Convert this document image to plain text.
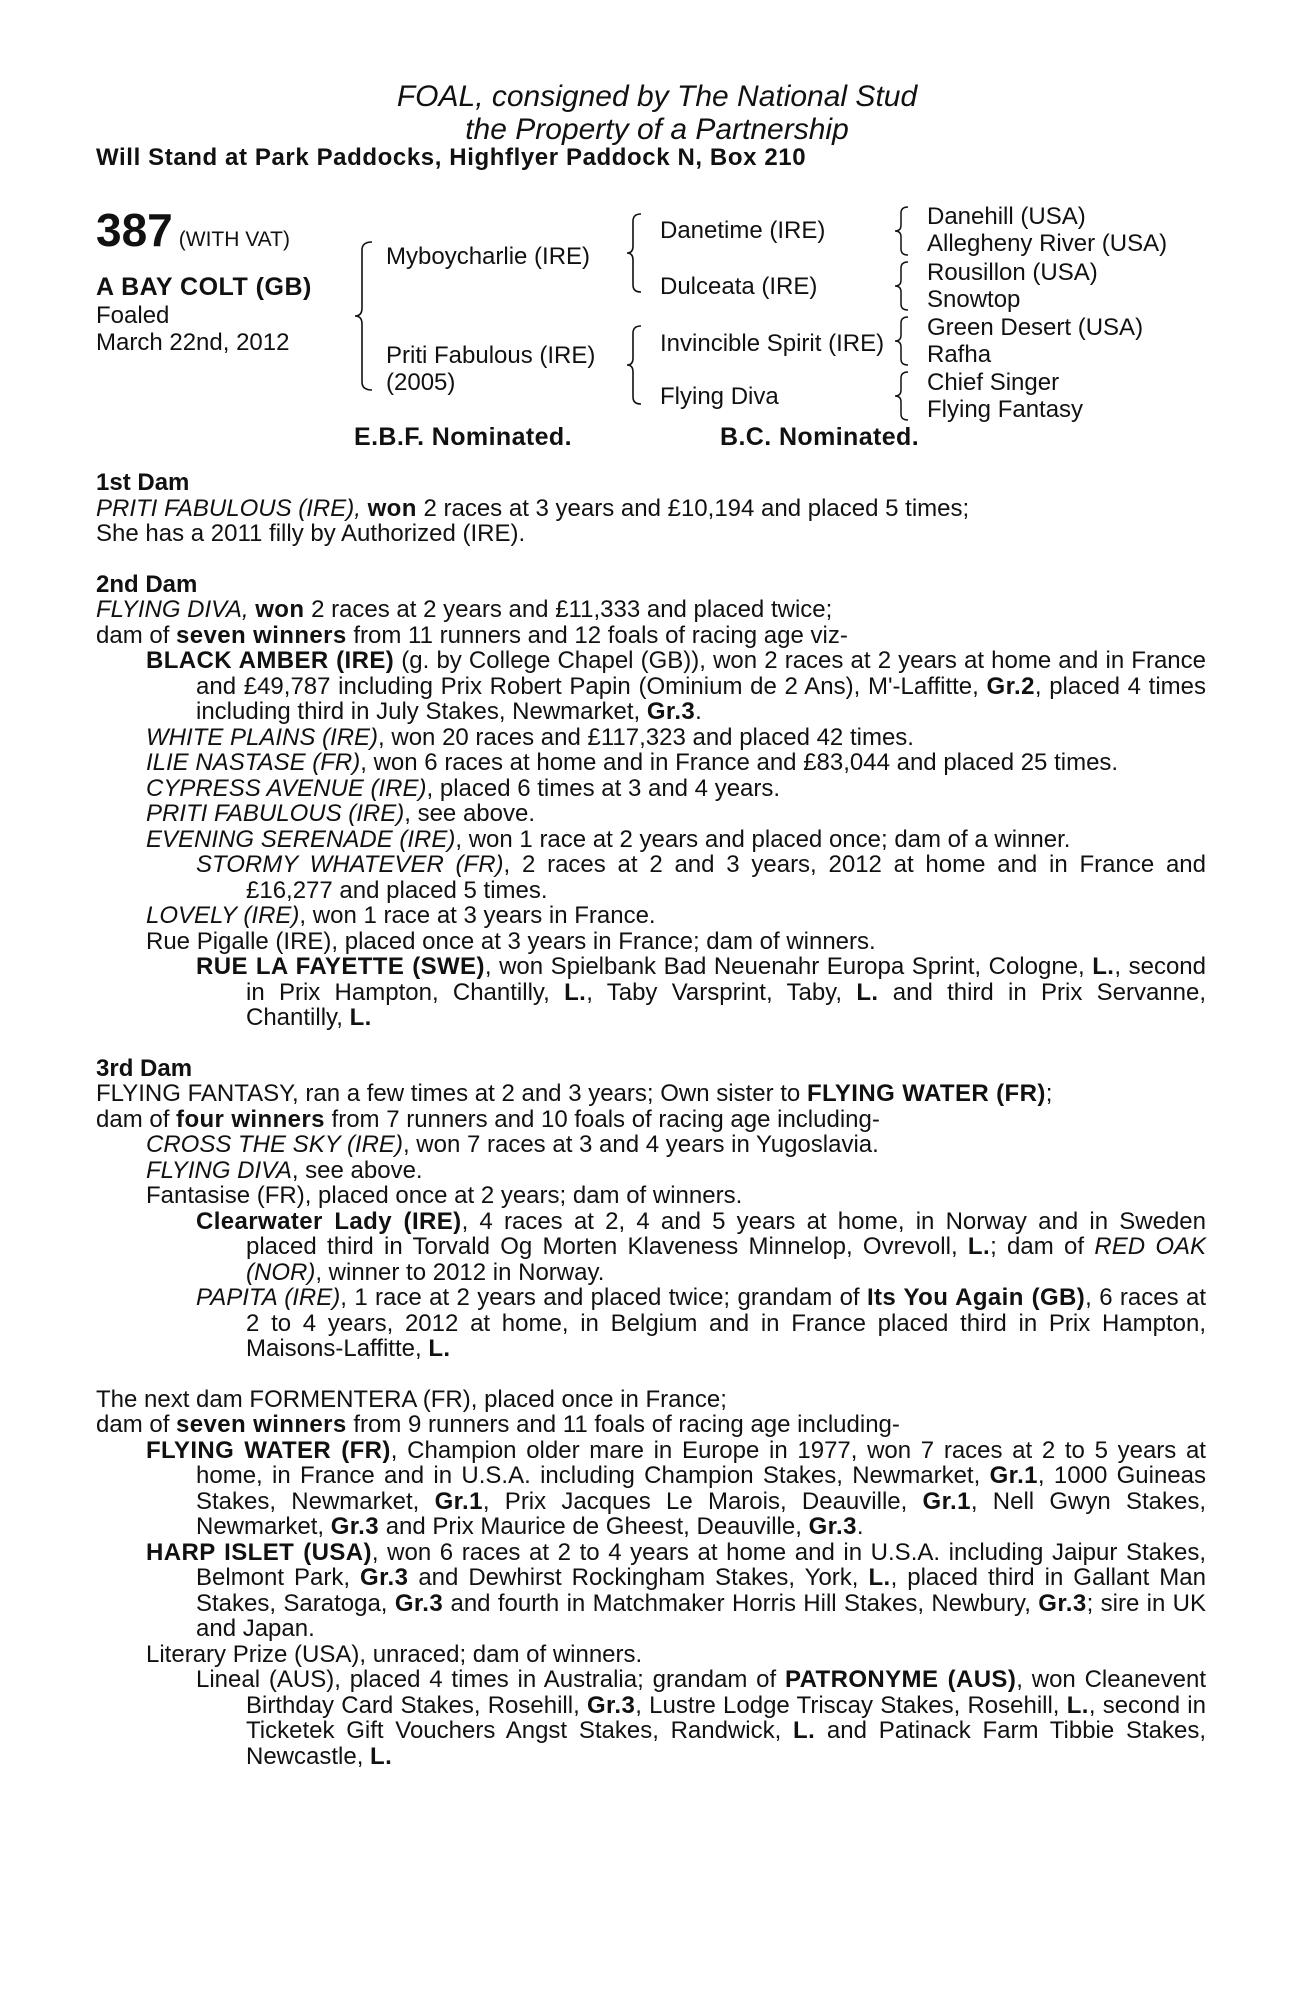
FOAL, consigned by The National Stud
the Property of a Partnership
Will Stand at Park Paddocks, Highflyer Paddock N, Box 210
387 (WITH VAT)
A BAY COLT (GB)
Foaled
March 22nd, 2012
Myboycharlie (IRE)
Priti Fabulous (IRE)
(2005)
Danetime (IRE)
Dulceata (IRE)
Invincible Spirit (IRE)
Flying Diva
Danehill (USA)
Allegheny River (USA)
Rousillon (USA)
Snowtop
Green Desert (USA)
Rafha
Chief Singer
Flying Fantasy
E.B.F. Nominated.	B.C. Nominated.

1st Dam

PRITI FABULOUS (IRE), won 2 races at 3 years and £10,194 and placed 5 times;

She has a 2011 filly by Authorized (IRE).

2nd Dam

FLYING DIVA, won 2 races at 2 years and £11,333 and placed twice;

dam of seven winners from 11 runners and 12 foals of racing age viz-

BLACK AMBER (IRE) (g. by College Chapel (GB)), won 2 races at 2 years at home and in France and £49,787 including Prix Robert Papin (Ominium de 2 Ans), M'-Laffitte, Gr.2, placed 4 times including third in July Stakes, Newmarket, Gr.3.

WHITE PLAINS (IRE), won 20 races and £117,323 and placed 42 times.

ILIE NASTASE (FR), won 6 races at home and in France and £83,044 and placed 25 times.

CYPRESS AVENUE (IRE), placed 6 times at 3 and 4 years.

PRITI FABULOUS (IRE), see above.

EVENING SERENADE (IRE), won 1 race at 2 years and placed once; dam of a winner.

STORMY WHATEVER (FR), 2 races at 2 and 3 years, 2012 at home and in France and £16,277 and placed 5 times.

LOVELY (IRE), won 1 race at 3 years in France.

Rue Pigalle (IRE), placed once at 3 years in France; dam of winners.

RUE LA FAYETTE (SWE), won Spielbank Bad Neuenahr Europa Sprint, Cologne, L., second in Prix Hampton, Chantilly, L., Taby Varsprint, Taby, L. and third in Prix Servanne, Chantilly, L.

3rd Dam

FLYING FANTASY, ran a few times at 2 and 3 years; Own sister to FLYING WATER (FR);

dam of four winners from 7 runners and 10 foals of racing age including-

CROSS THE SKY (IRE), won 7 races at 3 and 4 years in Yugoslavia.

FLYING DIVA, see above.

Fantasise (FR), placed once at 2 years; dam of winners.

Clearwater Lady (IRE), 4 races at 2, 4 and 5 years at home, in Norway and in Sweden placed third in Torvald Og Morten Klaveness Minnelop, Ovrevoll, L.; dam of RED OAK (NOR), winner to 2012 in Norway.

PAPITA (IRE), 1 race at 2 years and placed twice; grandam of Its You Again (GB), 6 races at 2 to 4 years, 2012 at home, in Belgium and in France placed third in Prix Hampton, Maisons-Laffitte, L.

The next dam FORMENTERA (FR), placed once in France;

dam of seven winners from 9 runners and 11 foals of racing age including-

FLYING WATER (FR), Champion older mare in Europe in 1977, won 7 races at 2 to 5 years at home, in France and in U.S.A. including Champion Stakes, Newmarket, Gr.1, 1000 Guineas Stakes, Newmarket, Gr.1, Prix Jacques Le Marois, Deauville, Gr.1, Nell Gwyn Stakes, Newmarket, Gr.3 and Prix Maurice de Gheest, Deauville, Gr.3.

HARP ISLET (USA), won 6 races at 2 to 4 years at home and in U.S.A. including Jaipur Stakes, Belmont Park, Gr.3 and Dewhirst Rockingham Stakes, York, L., placed third in Gallant Man Stakes, Saratoga, Gr.3 and fourth in Matchmaker Horris Hill Stakes, Newbury, Gr.3; sire in UK and Japan.

Literary Prize (USA), unraced; dam of winners.

Lineal (AUS), placed 4 times in Australia; grandam of PATRONYME (AUS), won Cleanevent Birthday Card Stakes, Rosehill, Gr.3, Lustre Lodge Triscay Stakes, Rosehill, L., second in Ticketek Gift Vouchers Angst Stakes, Randwick, L. and Patinack Farm Tibbie Stakes, Newcastle, L.
